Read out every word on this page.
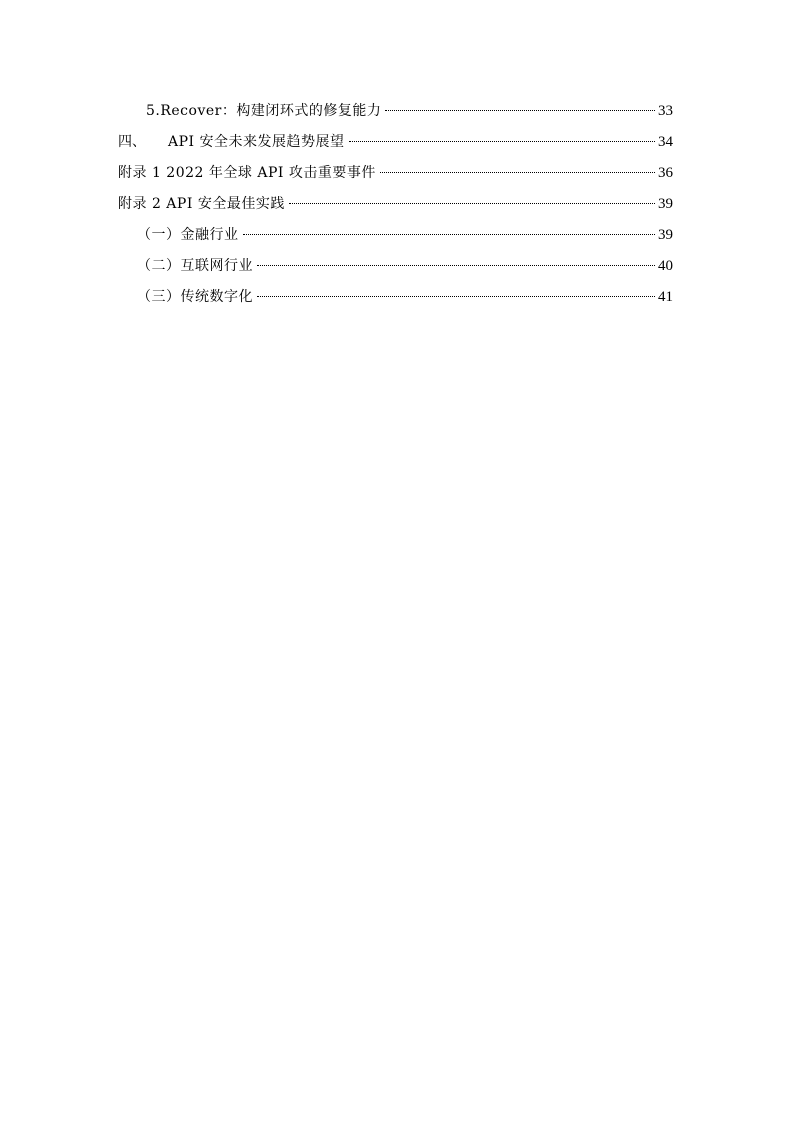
5.Recover：构建闭环式的修复能力	33
四、	API 安全未来发展趋势展望	34
附录 1 2022 年全球 API 攻击重要事件	36
附录 2 API 安全最佳实践	39
（一）金融行业	39
（二）互联网行业	40
（三）传统数字化	41
